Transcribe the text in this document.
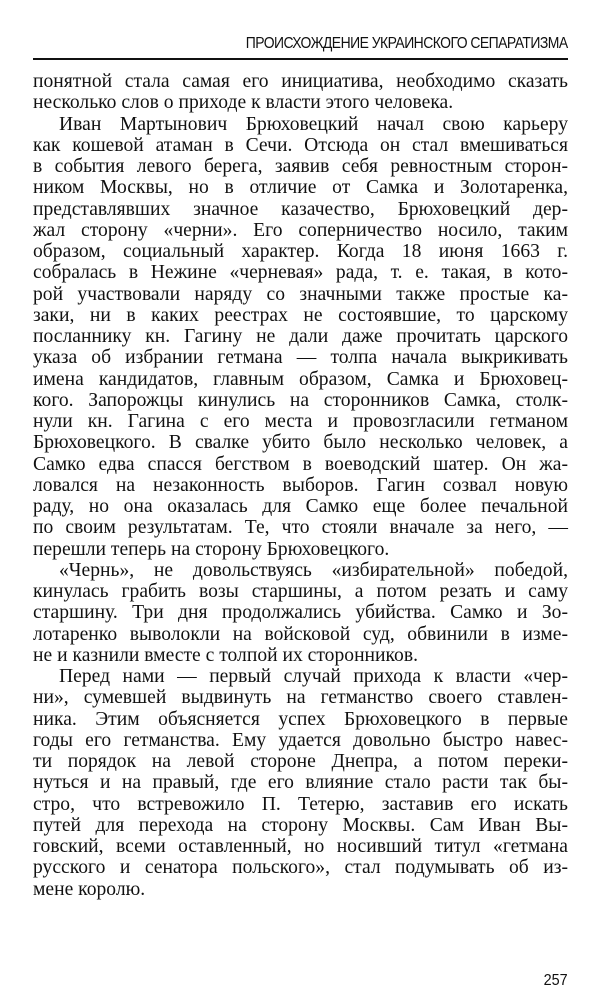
ПРОИСХОЖДЕНИЕ УКРАИНСКОГО СЕПАРАТИЗМА
понятной стала самая его инициатива, необходимо сказать
несколько слов о приходе к власти этого человека.
Иван Мартынович Брюховецкий начал свою карьеру
как кошевой атаман в Сечи. Отсюда он стал вмешиваться
в события левого берега, заявив себя ревностным сторон-
ником Москвы, но в отличие от Самка и Золотаренка,
представлявших значное казачество, Брюховецкий дер-
жал сторону «черни». Его соперничество носило, таким
образом, социальный характер. Когда 18 июня 1663 г.
собралась в Нежине «черневая» рада, т. е. такая, в кото-
рой участвовали наряду со значными также простые ка-
заки, ни в каких реестрах не состоявшие, то царскому
посланнику кн. Гагину не дали даже прочитать царского
указа об избрании гетмана — толпа начала выкрикивать
имена кандидатов, главным образом, Самка и Брюховец-
кого. Запорожцы кинулись на сторонников Самка, столк-
нули кн. Гагина с его места и провозгласили гетманом
Брюховецкого. В свалке убито было несколько человек, а
Самко едва спасся бегством в воеводский шатер. Он жа-
ловался на незаконность выборов. Гагин созвал новую
раду, но она оказалась для Самко еще более печальной
по своим результатам. Те, что стояли вначале за него, —
перешли теперь на сторону Брюховецкого.
«Чернь», не довольствуясь «избирательной» победой,
кинулась грабить возы старшины, а потом резать и саму
старшину. Три дня продолжались убийства. Самко и Зо-
лотаренко выволокли на войсковой суд, обвинили в изме-
не и казнили вместе с толпой их сторонников.
Перед нами — первый случай прихода к власти «чер-
ни», сумевшей выдвинуть на гетманство своего ставлен-
ника. Этим объясняется успех Брюховецкого в первые
годы его гетманства. Ему удается довольно быстро навес-
ти порядок на левой стороне Днепра, а потом переки-
нуться и на правый, где его влияние стало расти так бы-
стро, что встревожило П. Тетерю, заставив его искать
путей для перехода на сторону Москвы. Сам Иван Вы-
говский, всеми оставленный, но носивший титул «гетмана
русского и сенатора польского», стал подумывать об из-
мене королю.
257
